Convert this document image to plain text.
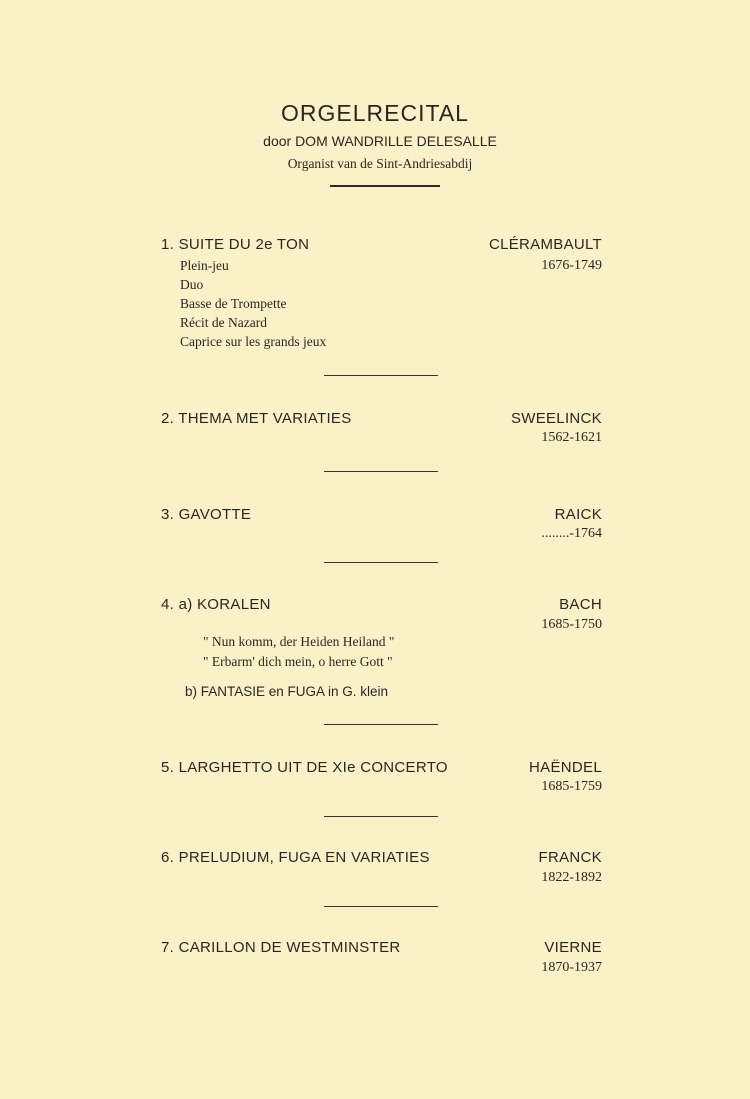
ORGELRECITAL
door DOM WANDRILLE DELESALLE
Organist van de Sint-Andriesabdij
1. SUITE DU 2e TON	CLÉRAMBAULT
1676-1749
Plein-jeu
Duo
Basse de Trompette
Récit de Nazard
Caprice sur les grands jeux
2. THEMA MET VARIATIES	SWEELINCK
1562-1621
3. GAVOTTE	RAICK
........-1764
4. a) KORALEN	BACH
1685-1750
" Nun komm, der Heiden Heiland "
" Erbarm' dich mein, o herre Gott "
b) FANTASIE en FUGA in G. klein
5. LARGHETTO UIT DE XIe CONCERTO	HAËNDEL
1685-1759
6. PRELUDIUM, FUGA EN VARIATIES	FRANCK
1822-1892
7. CARILLON DE WESTMINSTER	VIERNE
1870-1937
